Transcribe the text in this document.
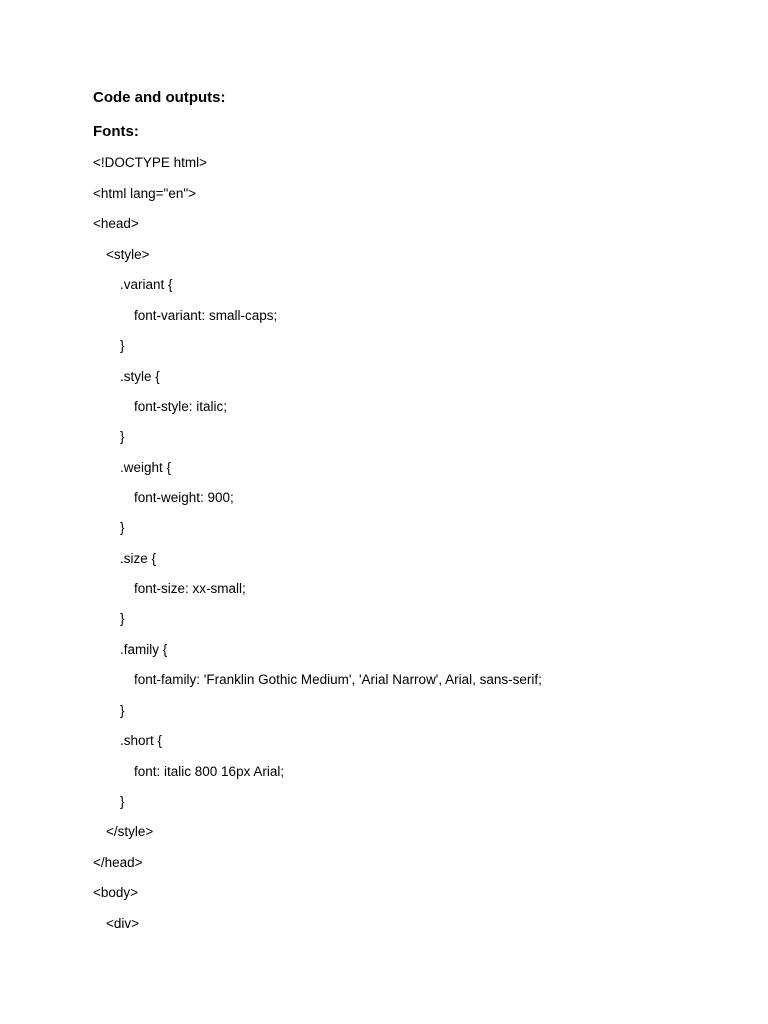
Code and outputs:
Fonts:
<!DOCTYPE html>
<html lang="en">
<head>
<style>
.variant {
font-variant: small-caps;
}
.style {
font-style: italic;
}
.weight {
font-weight: 900;
}
.size {
font-size: xx-small;
}
.family {
font-family: 'Franklin Gothic Medium', 'Arial Narrow', Arial, sans-serif;
}
.short {
font: italic 800 16px Arial;
}
</style>
</head>
<body>
<div>
